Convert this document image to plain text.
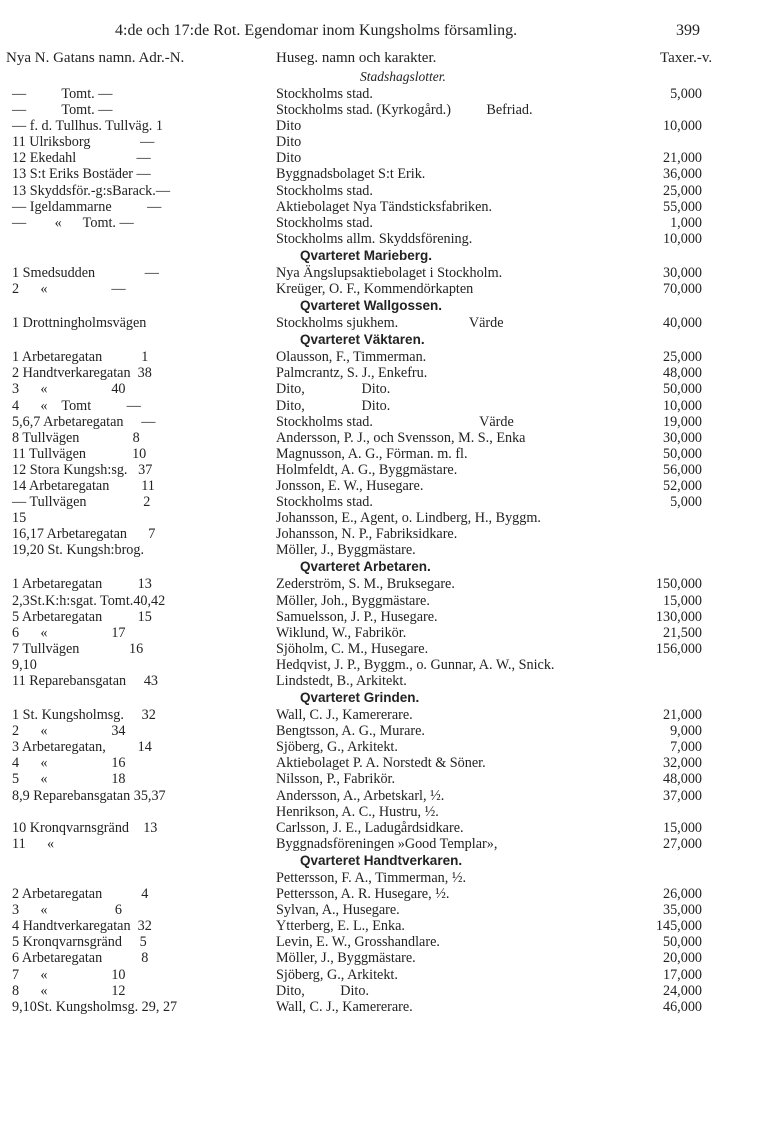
4:de och 17:de Rot. Egendomar inom Kungsholms församling.	399
Nya N. Gatans namn. Adr.-N.	Huseg. namn och karakter.	Taxer.-v.
Stadshagslotter.
—          Tomt. —	Stockholms stad.	5,000
—          Tomt. —	Stockholms stad. (Kyrkogård.)          Befriad.
— f. d. Tullhus. Tullväg. 1	Dito	10,000
11 Ulriksborg              —	Dito
12 Ekedahl                 —	Dito	21,000
13 S:t Eriks Bostäder —	Byggnadsbolaget S:t Erik.	36,000
13 Skyddsför.-g:sBarack.—	Stockholms stad.	25,000
— Igeldammarne          —	Aktiebolaget Nya Tändsticksfabriken.	55,000
—        «      Tomt. —	Stockholms stad.	1,000
Stockholms allm. Skyddsförening.	10,000
Qvarteret Marieberg.
1 Smedsudden              —	Nya Ängslupsaktiebolaget i Stockholm.	30,000
2      «                  —	Kreüger, O. F., Kommendörkapten	70,000
Qvarteret Wallgossen.
1 Drottningholmsvägen	Stockholms sjukhem.                    Värde	40,000
Qvarteret Väktaren.
1 Arbetaregatan           1	Olausson, F., Timmerman.	25,000
2 Handtverkaregatan  38	Palmcrantz, S. J., Enkefru.	48,000
3      «                  40	Dito,                Dito.	50,000
4      «    Tomt          —	Dito,                Dito.	10,000
5,6,7 Arbetaregatan     —	Stockholms stad.                              Värde	19,000
8 Tullvägen               8	Andersson, P. J., och Svensson, M. S., Enka	30,000
11 Tullvägen             10	Magnusson, A. G., Förman. m. fl.	50,000
12 Stora Kungsh:sg.   37	Holmfeldt, A. G., Byggmästare.	56,000
14 Arbetaregatan         11	Jonsson, E. W., Husegare.	52,000
— Tullvägen                2	Stockholms stad.	5,000
15	Johansson, E., Agent, o. Lindberg, H., Byggm.
16,17 Arbetaregatan      7	Johansson, N. P., Fabriksidkare.
19,20 St. Kungsh:brog.	Möller, J., Byggmästare.
Qvarteret Arbetaren.
1 Arbetaregatan          13	Zederström, S. M., Bruksegare.	150,000
2,3St.K:h:sgat. Tomt.40,42	Möller, Joh., Byggmästare.	15,000
5 Arbetaregatan          15	Samuelsson, J. P., Husegare.	130,000
6      «                  17	Wiklund, W., Fabrikör.	21,500
7 Tullvägen              16	Sjöholm, C. M., Husegare.	156,000
9,10	Hedqvist, J. P., Byggm., o. Gunnar, A. W., Snick.
11 Reparebansgatan     43	Lindstedt, B., Arkitekt.
Qvarteret Grinden.
1 St. Kungsholmsg.     32	Wall, C. J., Kamererare.	21,000
2      «                  34	Bengtsson, A. G., Murare.	9,000
3 Arbetaregatan,         14	Sjöberg, G., Arkitekt.	7,000
4      «                  16	Aktiebolaget P. A. Norstedt & Söner.	32,000
5      «                  18	Nilsson, P., Fabrikör.	48,000
8,9 Reparebansgatan 35,37	Andersson, A., Arbetskarl, ½.	37,000
Henrikson, A. C., Hustru, ½.
10 Kronqvarnsgränd    13	Carlsson, J. E., Ladugårdsidkare.	15,000
11      «	Byggnadsföreningen »Good Templar»,	27,000
Qvarteret Handtverkaren.
Pettersson, F. A., Timmerman, ½.
2 Arbetaregatan           4	Pettersson, A. R. Husegare, ½.	26,000
3      «                   6	Sylvan, A., Husegare.	35,000
4 Handtverkaregatan  32	Ytterberg, E. L., Enka.	145,000
5 Kronqvarnsgränd     5	Levin, E. W., Grosshandlare.	50,000
6 Arbetaregatan           8	Möller, J., Byggmästare.	20,000
7      «                  10	Sjöberg, G., Arkitekt.	17,000
8      «                  12	Dito,          Dito.	24,000
9,10St. Kungsholmsg. 29, 27	Wall, C. J., Kamererare.	46,000
